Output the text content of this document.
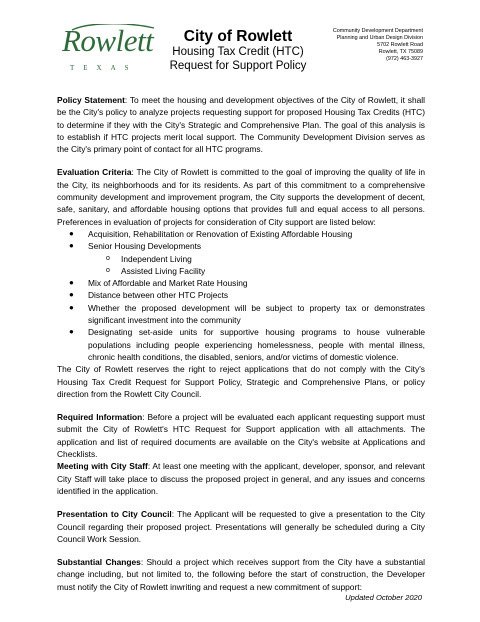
Rowlett
TEXAS
City of Rowlett
Housing Tax Credit (HTC)
Request for Support Policy
Community Development Department
Planning and Urban Design Division
5702 Rowlett Road
Rowlett, TX 75089
(972) 463-3927

Policy Statement: To meet the housing and development objectives of the City of Rowlett, it shall be the City's policy to analyze projects requesting support for proposed Housing Tax Credits (HTC) to determine if they with the City's Strategic and Comprehensive Plan. The goal of this analysis is to establish if HTC projects merit local support. The Community Development Division serves as the City's primary point of contact for all HTC programs.

Evaluation Criteria: The City of Rowlett is committed to the goal of improving the quality of life in the City, its neighborhoods and for its residents. As part of this commitment to a comprehensive community development and improvement program, the City supports the development of decent, safe, sanitary, and affordable housing options that provides full and equal access to all persons. Preferences in evaluation of projects for consideration of City support are listed below:

● Acquisition, Rehabilitation or Renovation of Existing Affordable Housing
● Senior Housing Developments
o Independent Living
o Assisted Living Facility
● Mix of Affordable and Market Rate Housing
● Distance between other HTC Projects
● Whether the proposed development will be subject to property tax or demonstrates significant investment into the community
● Designating set-aside units for supportive housing programs to house vulnerable populations including people experiencing homelessness, people with mental illness, chronic health conditions, the disabled, seniors, and/or victims of domestic violence.

The City of Rowlett reserves the right to reject applications that do not comply with the City's Housing Tax Credit Request for Support Policy, Strategic and Comprehensive Plans, or policy direction from the Rowlett City Council.

Required Information: Before a project will be evaluated each applicant requesting support must submit the City of Rowlett's HTC Request for Support application with all attachments. The application and list of required documents are available on the City's website at Applications and Checklists.

Meeting with City Staff: At least one meeting with the applicant, developer, sponsor, and relevant City Staff will take place to discuss the proposed project in general, and any issues and concerns identified in the application.

Presentation to City Council: The Applicant will be requested to give a presentation to the City Council regarding their proposed project. Presentations will generally be scheduled during a City Council Work Session.

Substantial Changes: Should a project which receives support from the City have a substantial change including, but not limited to, the following before the start of construction, the Developer must notify the City of Rowlett inwriting and request a new commitment of support:

Updated October 2020
